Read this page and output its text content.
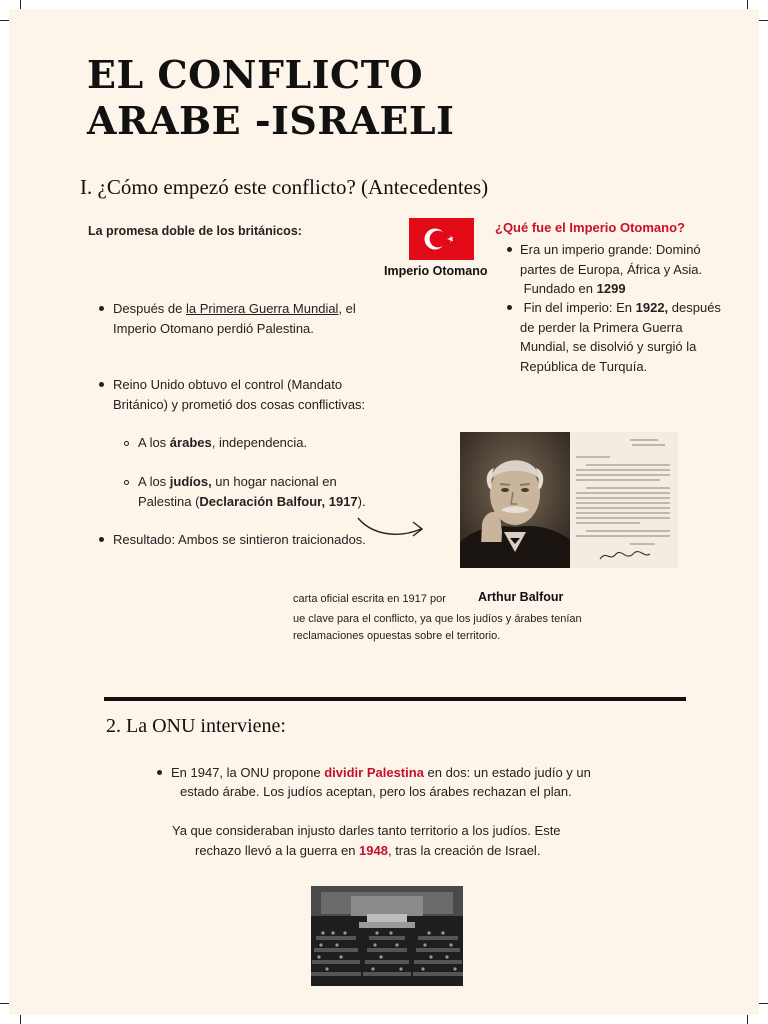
EL CONFLICTO
ARABE -ISRAELI
I. ¿Cómo empezó este conflicto? (Antecedentes)
La promesa doble de los británicos:
Después de la Primera Guerra Mundial, el
Imperio Otomano perdió Palestina.
Reino Unido obtuvo el control (Mandato
Británico) y prometió dos cosas conflictivas:
A los árabes, independencia.
A los judíos, un hogar nacional en
Palestina (Declaración Balfour, 1917).
Resultado: Ambos se sintieron traicionados.
Imperio Otomano
¿Qué fue el Imperio Otomano?
Era un imperio grande: Dominó
partes de Europa, África y Asia.
Fundado en 1299
Fin del imperio: En 1922, después
de perder la Primera Guerra
Mundial, se disolvió y surgió la
República de Turquía.
carta oficial escrita en 1917 por	Arthur Balfour
ue clave para el conflicto, ya que los judíos y árabes tenían
reclamaciones opuestas sobre el territorio.
2. La ONU interviene:
En 1947, la ONU propone dividir Palestina en dos: un estado judío y un
estado árabe. Los judíos aceptan, pero los árabes rechazan el plan.
Ya que consideraban injusto darles tanto territorio a los judíos. Este
rechazo llevó a la guerra en 1948, tras la creación de Israel.
